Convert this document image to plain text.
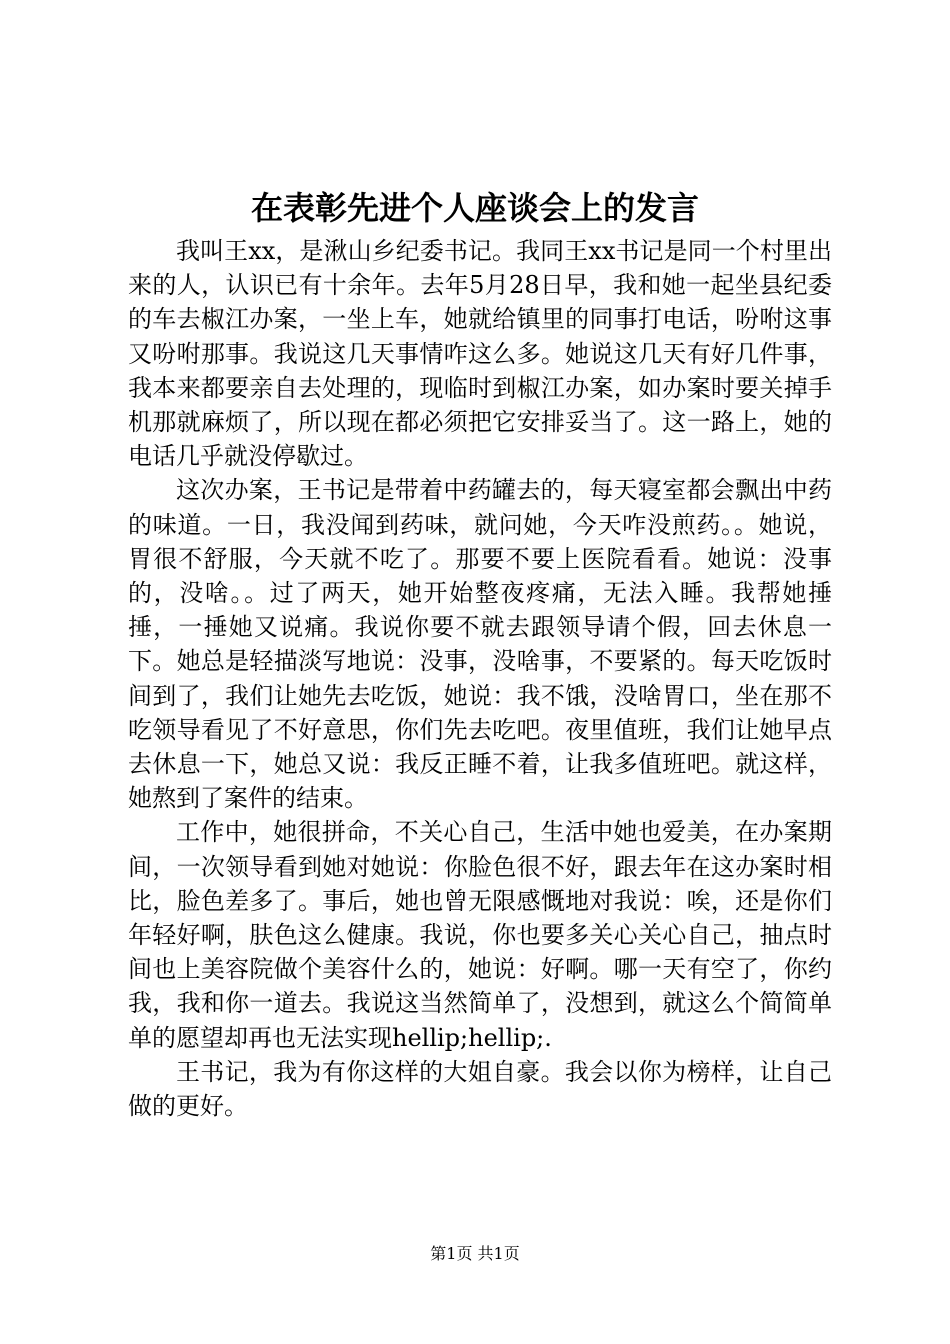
在表彰先进个人座谈会上的发言

我叫王xx，是湫山乡纪委书记。我同王xx书记是同一个村里出来的人，认识已有十余年。去年5月28日早，我和她一起坐县纪委的车去椒江办案，一坐上车，她就给镇里的同事打电话，吩咐这事又吩咐那事。我说这几天事情咋这么多。她说这几天有好几件事，我本来都要亲自去处理的，现临时到椒江办案，如办案时要关掉手机那就麻烦了，所以现在都必须把它安排妥当了。这一路上，她的电话几乎就没停歇过。

这次办案，王书记是带着中药罐去的，每天寝室都会飘出中药的味道。一日，我没闻到药味，就问她，今天咋没煎药。。她说，胃很不舒服，今天就不吃了。那要不要上医院看看。她说：没事的，没啥。。过了两天，她开始整夜疼痛，无法入睡。我帮她捶捶，一捶她又说痛。我说你要不就去跟领导请个假，回去休息一下。她总是轻描淡写地说：没事，没啥事，不要紧的。每天吃饭时间到了，我们让她先去吃饭，她说：我不饿，没啥胃口，坐在那不吃领导看见了不好意思，你们先去吃吧。夜里值班，我们让她早点去休息一下，她总又说：我反正睡不着，让我多值班吧。就这样，她熬到了案件的结束。

工作中，她很拼命，不关心自己，生活中她也爱美，在办案期间，一次领导看到她对她说：你脸色很不好，跟去年在这办案时相比，脸色差多了。事后，她也曾无限感慨地对我说：唉，还是你们年轻好啊，肤色这么健康。我说，你也要多关心关心自己，抽点时间也上美容院做个美容什么的，她说：好啊。哪一天有空了，你约我，我和你一道去。我说这当然简单了，没想到，就这么个简简单单的愿望却再也无法实现hellip;hellip;.

王书记，我为有你这样的大姐自豪。我会以你为榜样，让自己做的更好。

第1页 共1页
